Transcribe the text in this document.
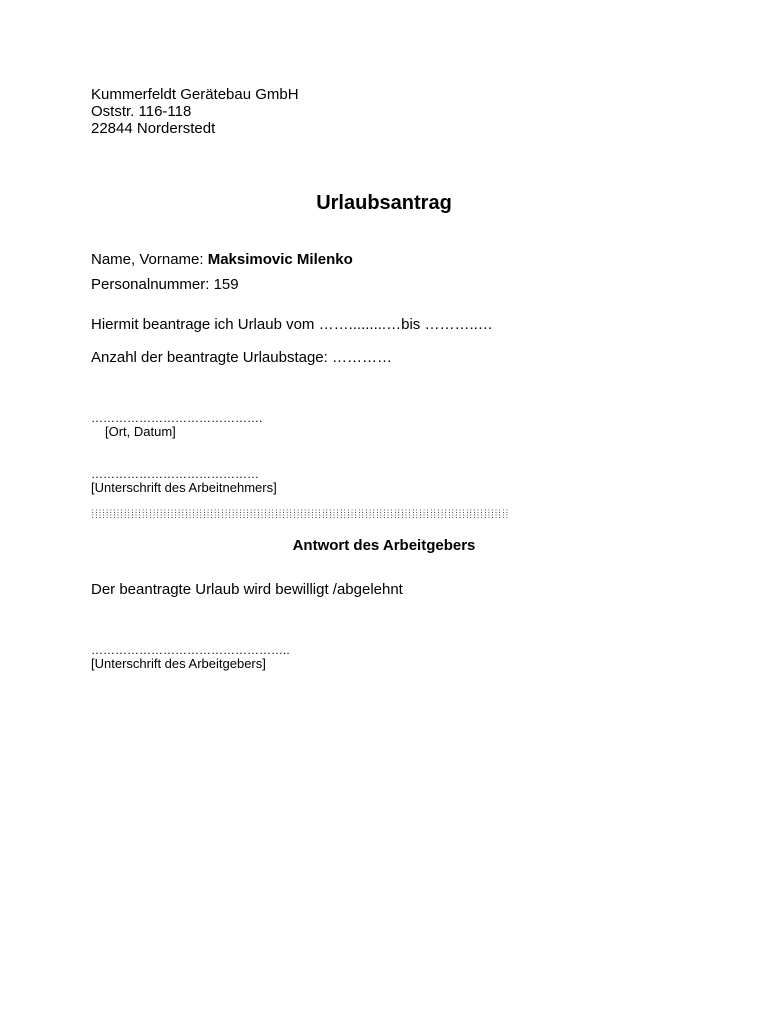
Kummerfeldt Gerätebau GmbH
Oststr. 116-118
22844 Norderstedt
Urlaubsantrag
Name, Vorname: Maksimovic Milenko
Personalnummer: 159
Hiermit beantrage ich Urlaub vom …….........…bis ………..…
Anzahl der beantragte Urlaubstage: …………
…………………………………….
[Ort, Datum]
……………………………………
[Unterschrift des Arbeitnehmers]
::::::::::::::::::::::::::::::::::::::::::::::::::::::::::::::::::::::::::::::::::::::::::::::::::::::::::::::::::::
::::::::::::::::::::::::::::::::::::::::::::::::::::::::::::::::::::::::::::::::::::::::::::::::::::::::::::::::::::
Antwort des Arbeitgebers
Der beantragte Urlaub wird bewilligt /abgelehnt
…………………………………………..
[Unterschrift des Arbeitgebers]
